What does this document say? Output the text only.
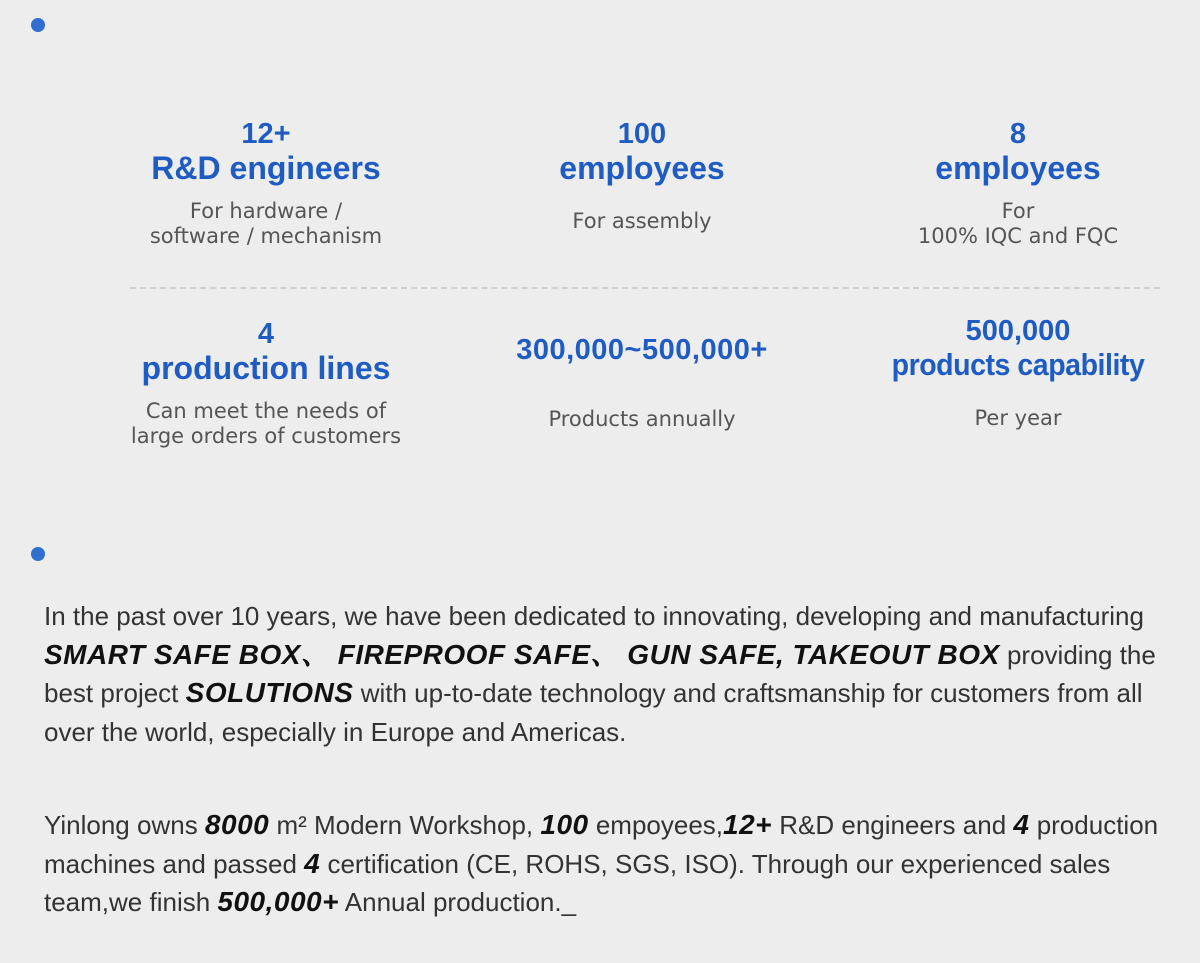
12+
R&D engineers
For hardware /
software / mechanism
100
employees
For assembly
8
employees
For
100% IQC and FQC
4
production lines
Can meet the needs of
large orders of customers
300,000~500,000+
Products annually
500,000
products capability
Per year
In the past over 10 years, we have been dedicated to innovating, developing and manufacturing SMART SAFE BOX、 FIREPROOF SAFE、 GUN SAFE, TAKEOUT BOX providing the best project SOLUTIONS with up-to-date technology and craftsmanship for customers from all over the world, especially in Europe and Americas.
Yinlong owns 8000 m² Modern Workshop, 100 empoyees,12+ R&D engineers and 4 production machines and passed 4 certification (CE, ROHS, SGS, ISO). Through our experienced sales team,we finish 500,000+ Annual production._
